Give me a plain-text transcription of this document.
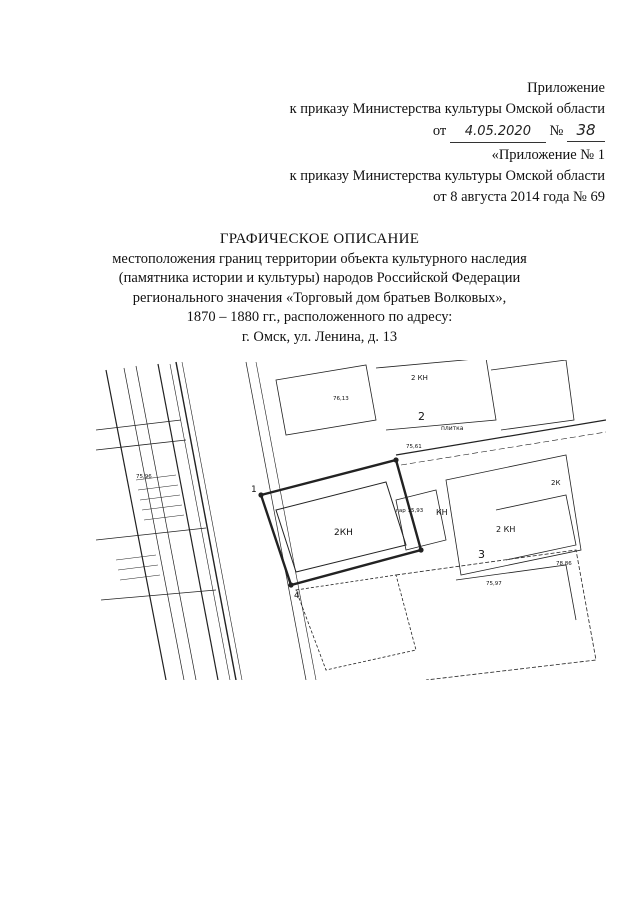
Приложение
к приказу Министерства культуры Омской области
от 4.05.2020 № 38
«Приложение № 1
к приказу Министерства культуры Омской области
от 8 августа 2014 года № 69
ГРАФИЧЕСКОЕ ОПИСАНИЕ
местоположения границ территории объекта культурного наследия
(памятника истории и культуры) народов Российской Федерации
регионального значения «Торговый дом братьев Волковых»,
1870 – 1880 гг., расположенного по адресу:
г. Омск, ул. Ленина, д. 13
2КН
КН
2 КН
2 КН
2К
1
2
3
4
плитка
76,13
75,61
75,97
78,86
75,96
гар 15,93
